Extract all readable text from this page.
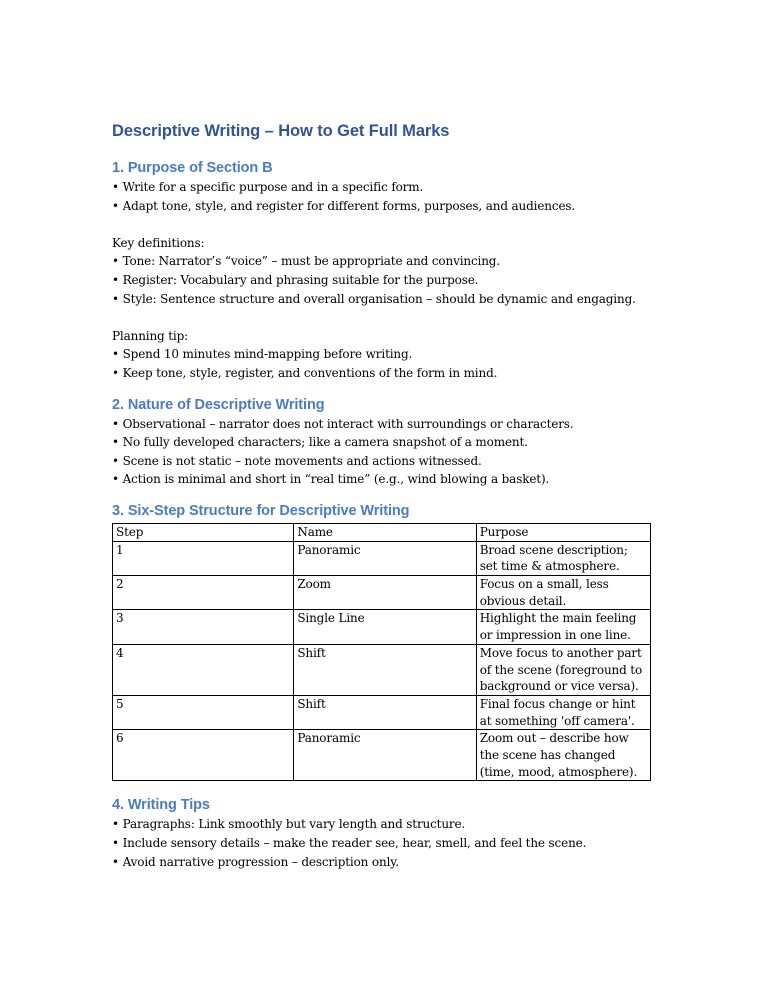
Descriptive Writing – How to Get Full Marks
1. Purpose of Section B
• Write for a specific purpose and in a specific form.
• Adapt tone, style, and register for different forms, purposes, and audiences.
Key definitions:
• Tone: Narrator’s “voice” – must be appropriate and convincing.
• Register: Vocabulary and phrasing suitable for the purpose.
• Style: Sentence structure and overall organisation – should be dynamic and engaging.
Planning tip:
• Spend 10 minutes mind-mapping before writing.
• Keep tone, style, register, and conventions of the form in mind.
2. Nature of Descriptive Writing
• Observational – narrator does not interact with surroundings or characters.
• No fully developed characters; like a camera snapshot of a moment.
• Scene is not static – note movements and actions witnessed.
• Action is minimal and short in “real time” (e.g., wind blowing a basket).
3. Six-Step Structure for Descriptive Writing
Step	Name	Purpose
1	Panoramic	Broad scene description; set time & atmosphere.
2	Zoom	Focus on a small, less obvious detail.
3	Single Line	Highlight the main feeling or impression in one line.
4	Shift	Move focus to another part of the scene (foreground to background or vice versa).
5	Shift	Final focus change or hint at something 'off camera'.
6	Panoramic	Zoom out – describe how the scene has changed (time, mood, atmosphere).
4. Writing Tips
• Paragraphs: Link smoothly but vary length and structure.
• Include sensory details – make the reader see, hear, smell, and feel the scene.
• Avoid narrative progression – description only.
